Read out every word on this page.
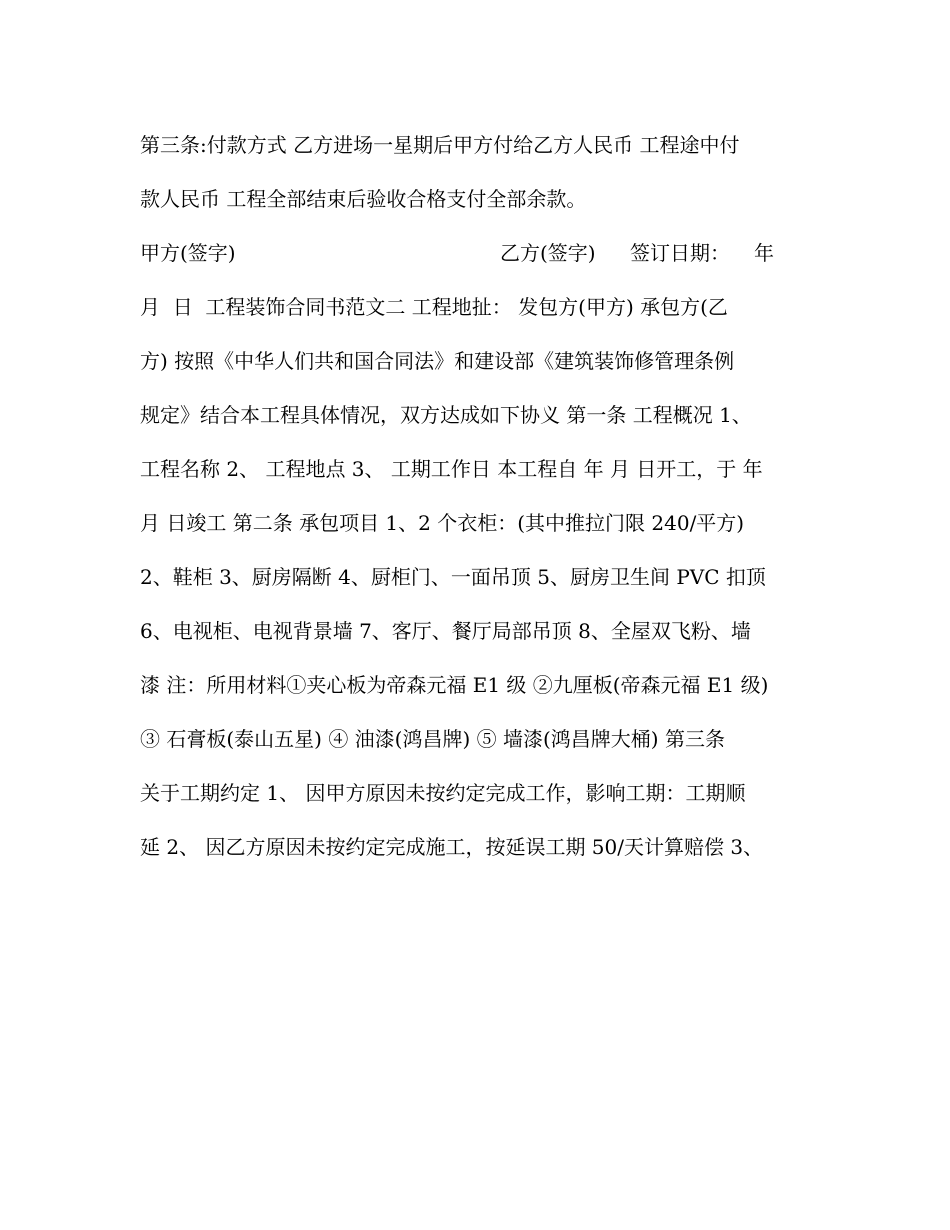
第三条:付款方式 乙方进场一星期后甲方付给乙方人民币 工程途中付
款人民币 工程全部结束后验收合格支付全部余款。

甲方(签字)

	乙方(签字)

签订日期：

年

月  日  工程装饰合同书范文二 工程地扯： 发包方(甲方) 承包方(乙
方) 按照《中华人们共和国合同法》和建设部《建筑装饰修管理条例
规定》结合本工程具体情况，双方达成如下协义 第一条 工程概况 1、
工程名称 2、 工程地点 3、 工期工作日 本工程自 年 月 日开工，于 年
月 日竣工 第二条 承包项目 1、2 个衣柜：(其中推拉门限 240/平方)
2、鞋柜 3、厨房隔断 4、厨柜门、一面吊顶 5、厨房卫生间 PVC 扣顶
6、电视柜、电视背景墙 7、客厅、餐厅局部吊顶 8、全屋双飞粉、墙
漆 注：所用材料①夹心板为帝森元福 E1 级 ②九厘板(帝森元福 E1 级)
③ 石膏板(泰山五星) ④ 油漆(鸿昌牌) ⑤ 墙漆(鸿昌牌大桶) 第三条
关于工期约定 1、 因甲方原因未按约定完成工作，影响工期：工期顺
延 2、 因乙方原因未按约定完成施工，按延误工期 50/天计算赔偿 3、
